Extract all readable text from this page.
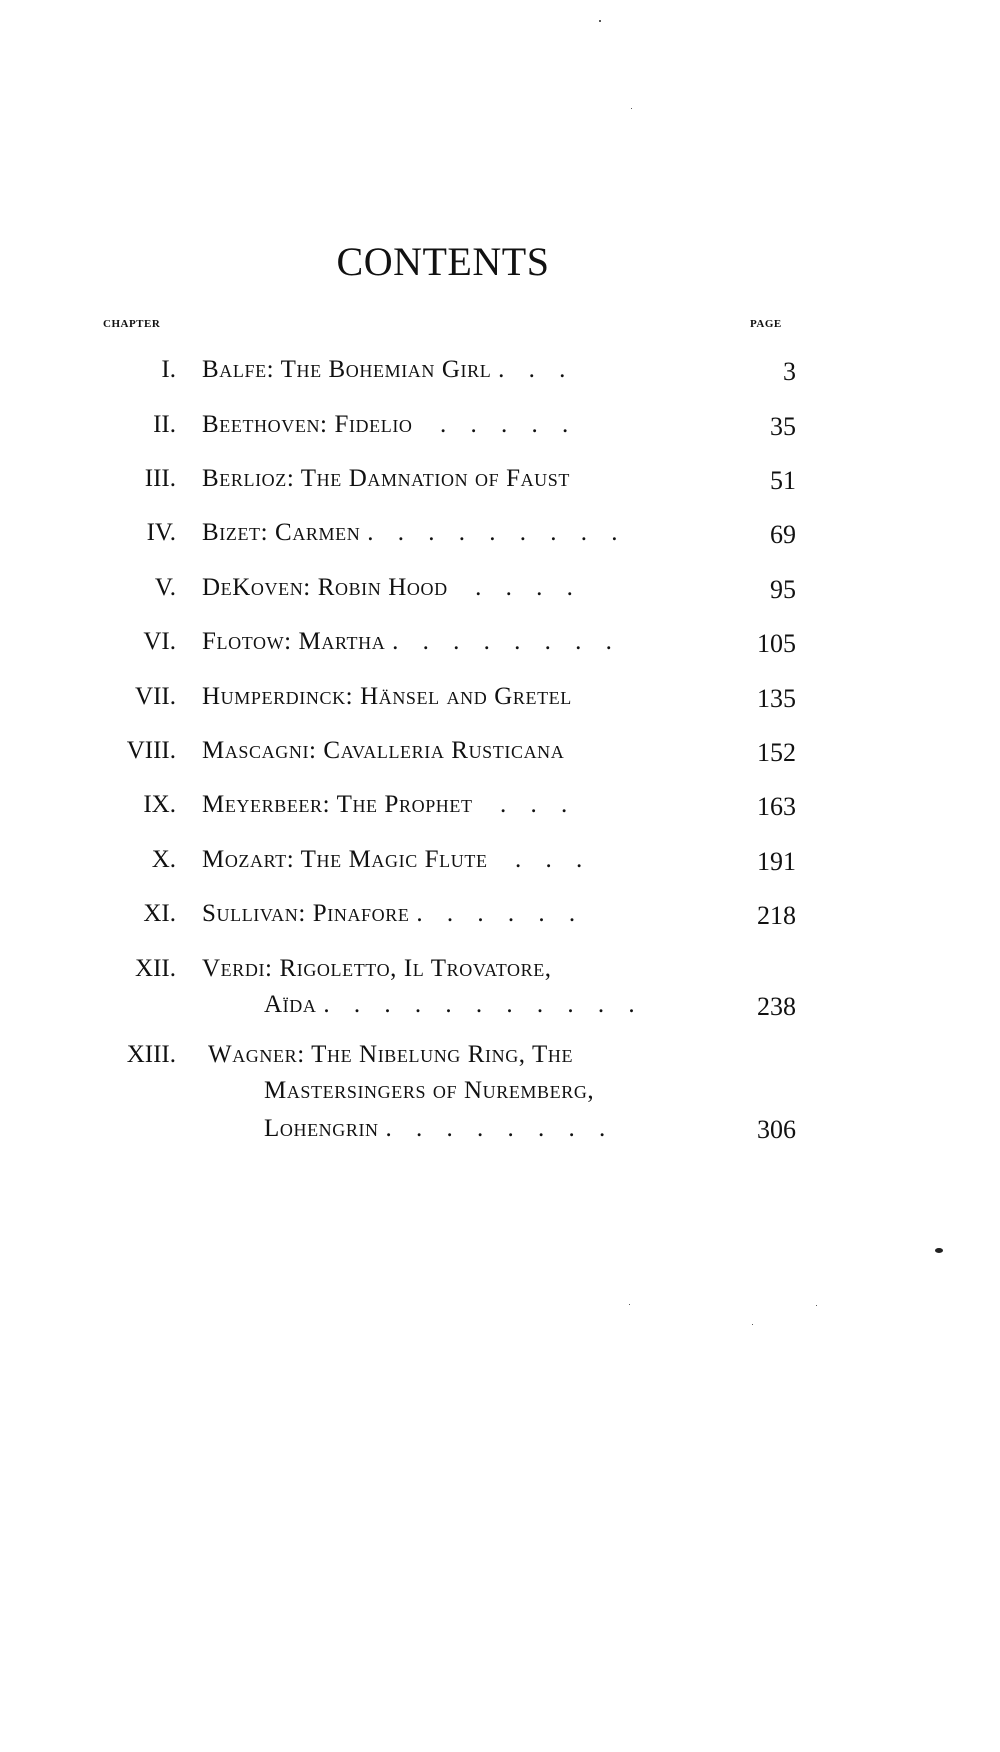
CONTENTS
CHAPTER	PAGE
I. Balfe: The Bohemian Girl . . .	3
II. Beethoven: Fidelio . . . . .	35
III. Berlioz: The Damnation of Faust	51
IV. Bizet: Carmen . . . . . . . . .	69
V. DeKoven: Robin Hood . . . .	95
VI. Flotow: Martha . . . . . . . .	105
VII. Humperdinck: Hänsel and Gretel	135
VIII. Mascagni: Cavalleria Rusticana	152
IX. Meyerbeer: The Prophet . . .	163
X. Mozart: The Magic Flute . . .	191
XI. Sullivan: Pinafore . . . . . .	218
XII. Verdi: Rigoletto, Il Trovatore,
Aïda . . . . . . . . . . .	238
XIII. Wagner: The Nibelung Ring, The
Mastersingers of Nuremberg,
Lohengrin . . . . . . . .	306
